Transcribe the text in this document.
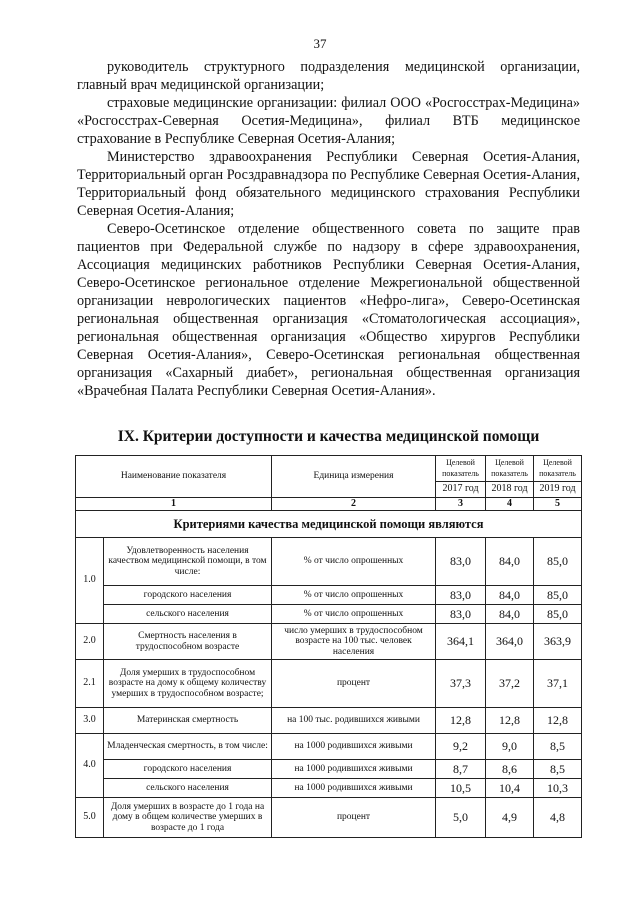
37

руководитель структурного подразделения медицинской организации, главный врач медицинской организации;

страховые медицинские организации: филиал ООО «Росгосстрах-Медицина» «Росгосстрах-Северная Осетия-Медицина», филиал ВТБ медицинское страхование в Республике Северная Осетия-Алания;

Министерство здравоохранения Республики Северная Осетия-Алания, Территориальный орган Росздравнадзора по Республике Северная Осетия-Алания, Территориальный фонд обязательного медицинского страхования Республики Северная Осетия-Алания;

Северо-Осетинское отделение общественного совета по защите прав пациентов при Федеральной службе по надзору в сфере здравоохранения, Ассоциация медицинских работников Республики Северная Осетия-Алания, Северо-Осетинское региональное отделение Межрегиональной общественной организации неврологических пациентов «Нефро-лига», Северо-Осетинская региональная общественная организация «Стоматологическая ассоциация», региональная общественная организация «Общество хирургов Республики Северная Осетия-Алания», Северо-Осетинская региональная общественная организация «Сахарный диабет», региональная общественная организация «Врачебная Палата Республики Северная Осетия-Алания».

IX. Критерии доступности и качества медицинской помощи
Наименование показателя		Единица измерения	Целевой показатель	Целевой показатель	Целевой показатель
			2017 год	2018 год	2019 год
1		2	3	4	5
Критериями качества медицинской помощи являются					
1.0	Удовлетворенность населения качеством медицинской помощи, в том числе:	% от число опрошенных	83,0	84,0	85,0
	городского населения	% от число опрошенных	83,0	84,0	85,0
	сельского населения	% от число опрошенных	83,0	84,0	85,0
2.0	Смертность населения в трудоспособном возрасте	число умерших в трудоспособном возрасте на 100 тыс. человек населения	364,1	364,0	363,9
2.1	Доля умерших в трудоспособном возрасте на дому к общему количеству умерших в трудоспособном возрасте;	процент	37,3	37,2	37,1
3.0	Материнская смертность	на 100 тыс. родившихся живыми	12,8	12,8	12,8
4.0	Младенческая смертность, в том числе:	на 1000 родившихся живыми	9,2	9,0	8,5
	городского населения	на 1000 родившихся живыми	8,7	8,6	8,5
	сельского населения	на 1000 родившихся живыми	10,5	10,4	10,3
5.0	Доля умерших в возрасте до 1 года на дому в общем количестве умерших в возрасте до 1 года	процент	5,0	4,9	4,8
